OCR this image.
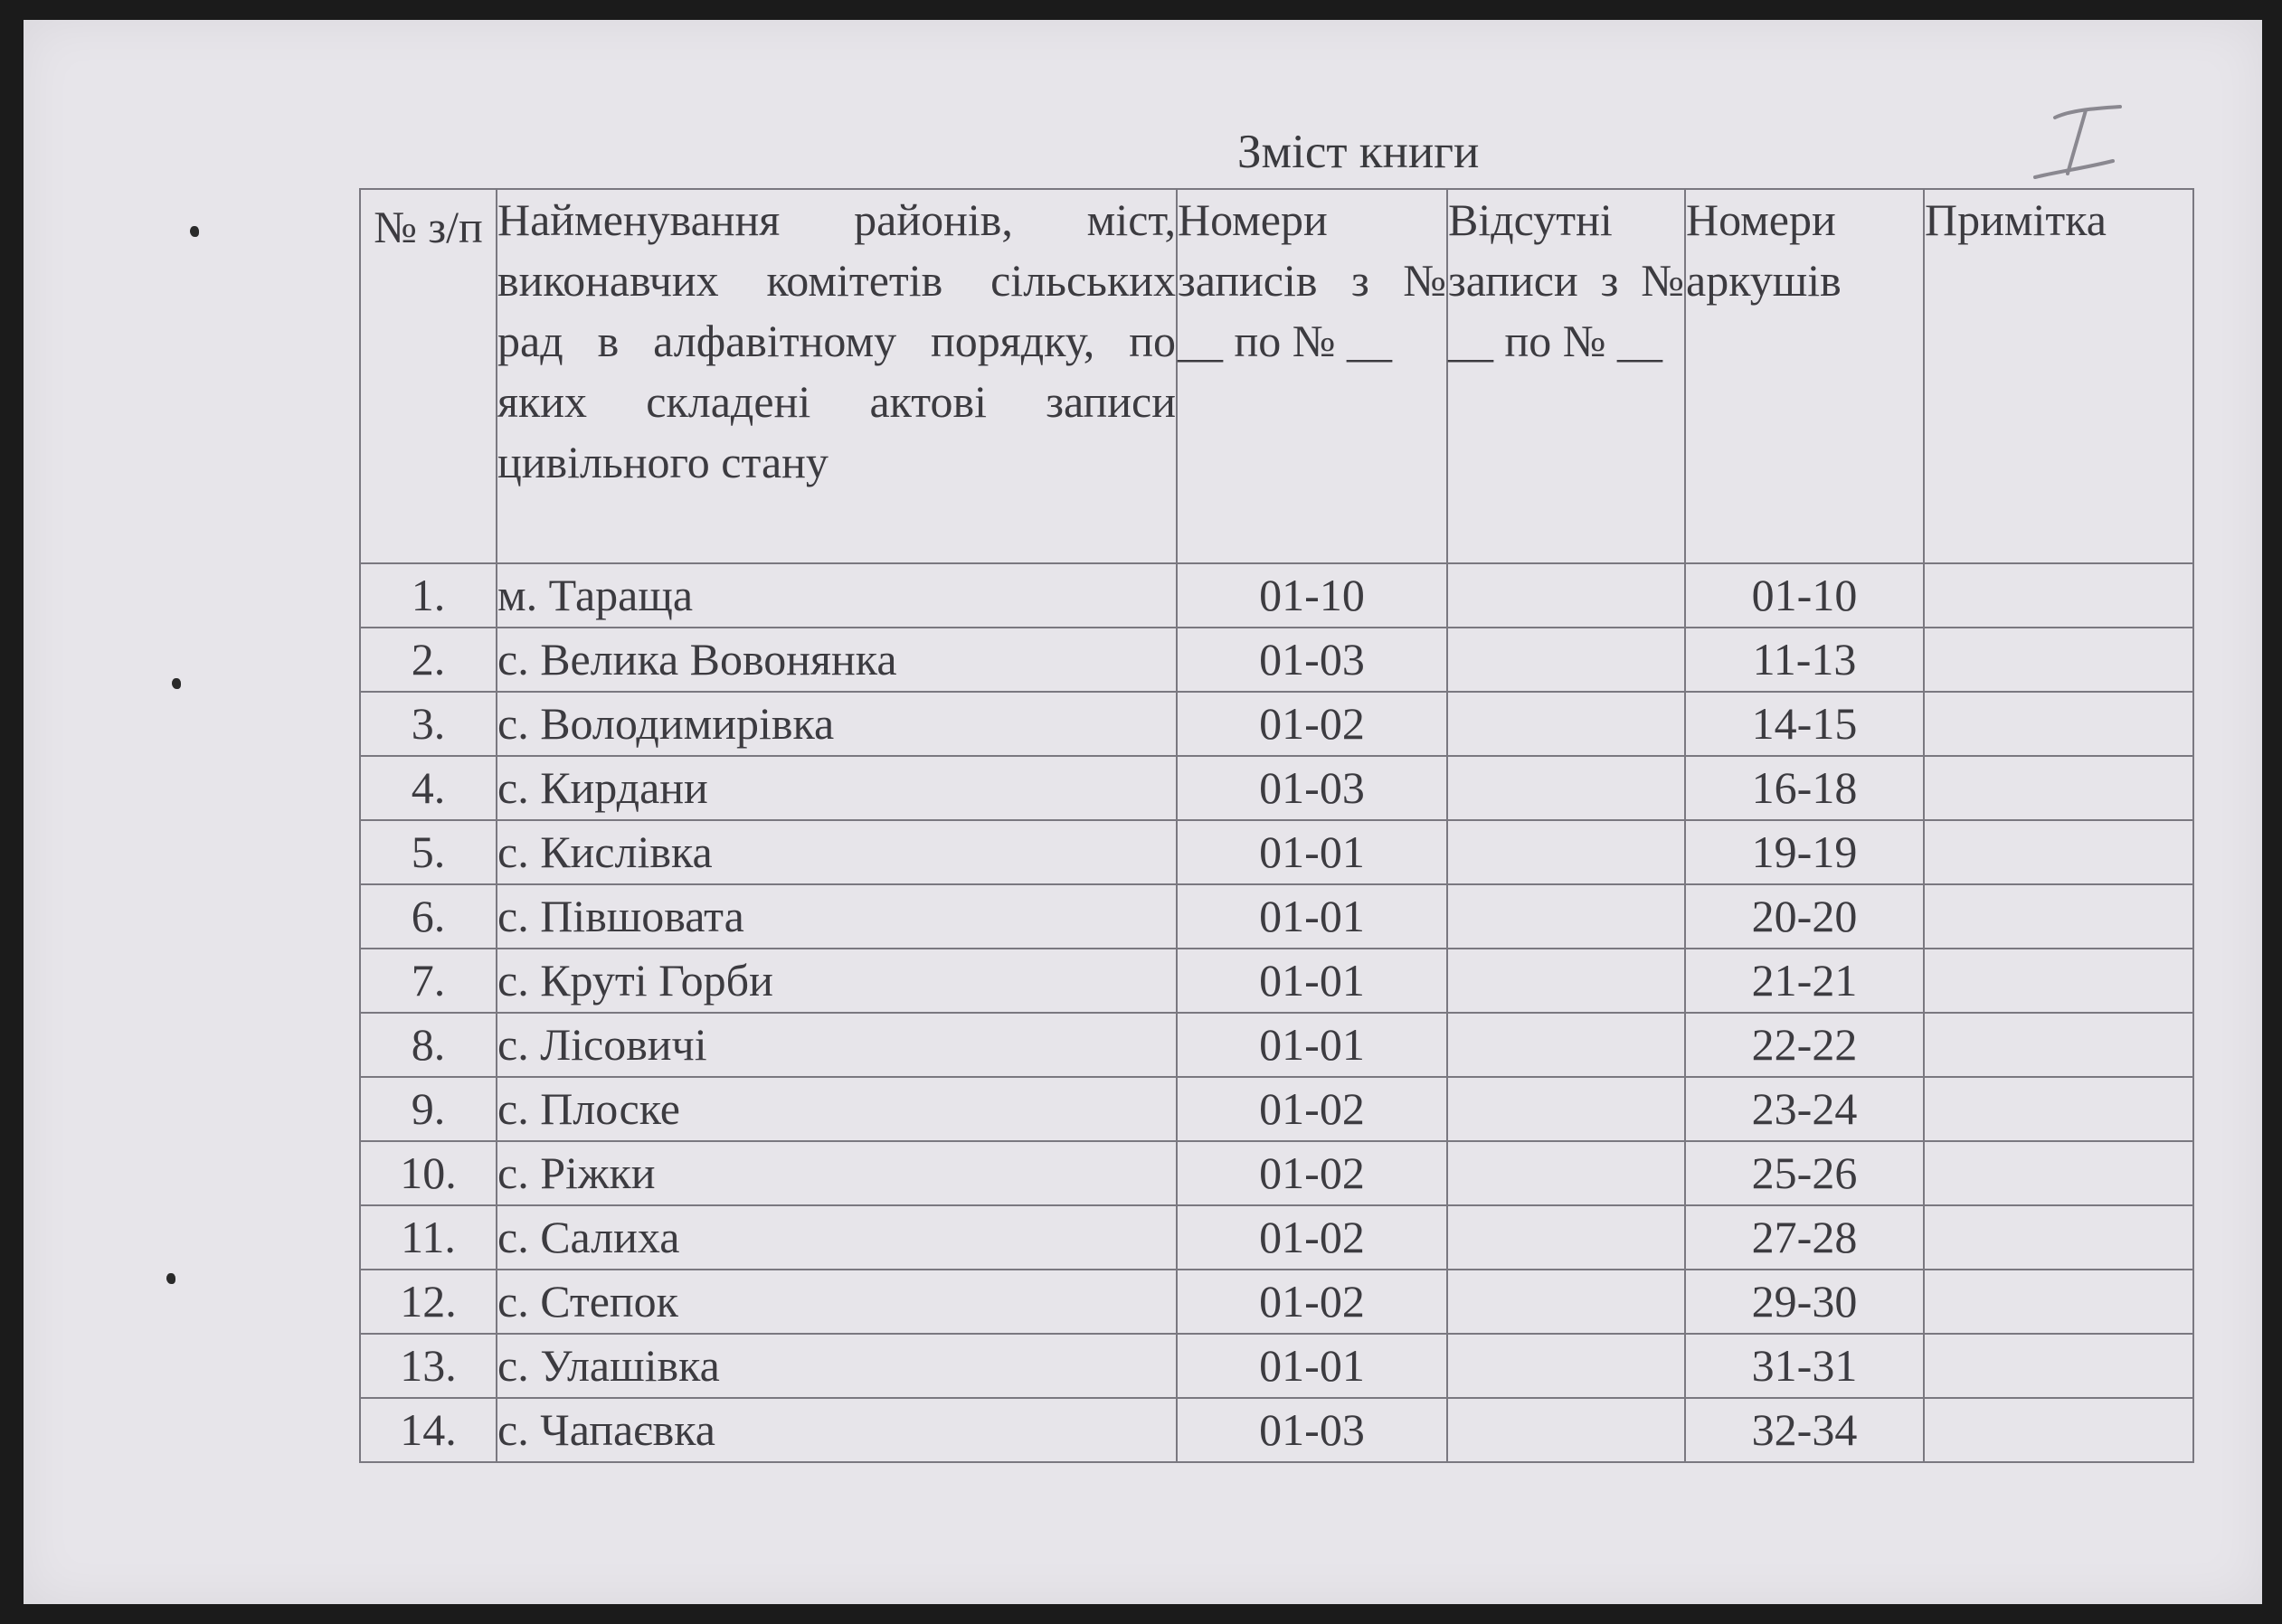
Зміст книги
№ з/п	Найменування районів, міст, виконавчих комітетів сільських рад в алфавітному порядку, по яких складені актові записи цивільного стану	Номери записів з № __ по № __	Відсутні записи з № __ по № __	Номери аркушів	Примітка
1.	м. Тараща	01-10		01-10	
2.	с. Велика Вовонянка	01-03		11-13	
3.	с. Володимирівка	01-02		14-15	
4.	с. Кирдани	01-03		16-18	
5.	с. Кислівка	01-01		19-19	
6.	с. Півшовата	01-01		20-20	
7.	с. Круті Горби	01-01		21-21	
8.	с. Лісовичі	01-01		22-22	
9.	с. Плоске	01-02		23-24	
10.	с. Ріжки	01-02		25-26	
11.	с. Салиха	01-02		27-28	
12.	с. Степок	01-02		29-30	
13.	с. Улашівка	01-01		31-31	
14.	с. Чапаєвка	01-03		32-34	
